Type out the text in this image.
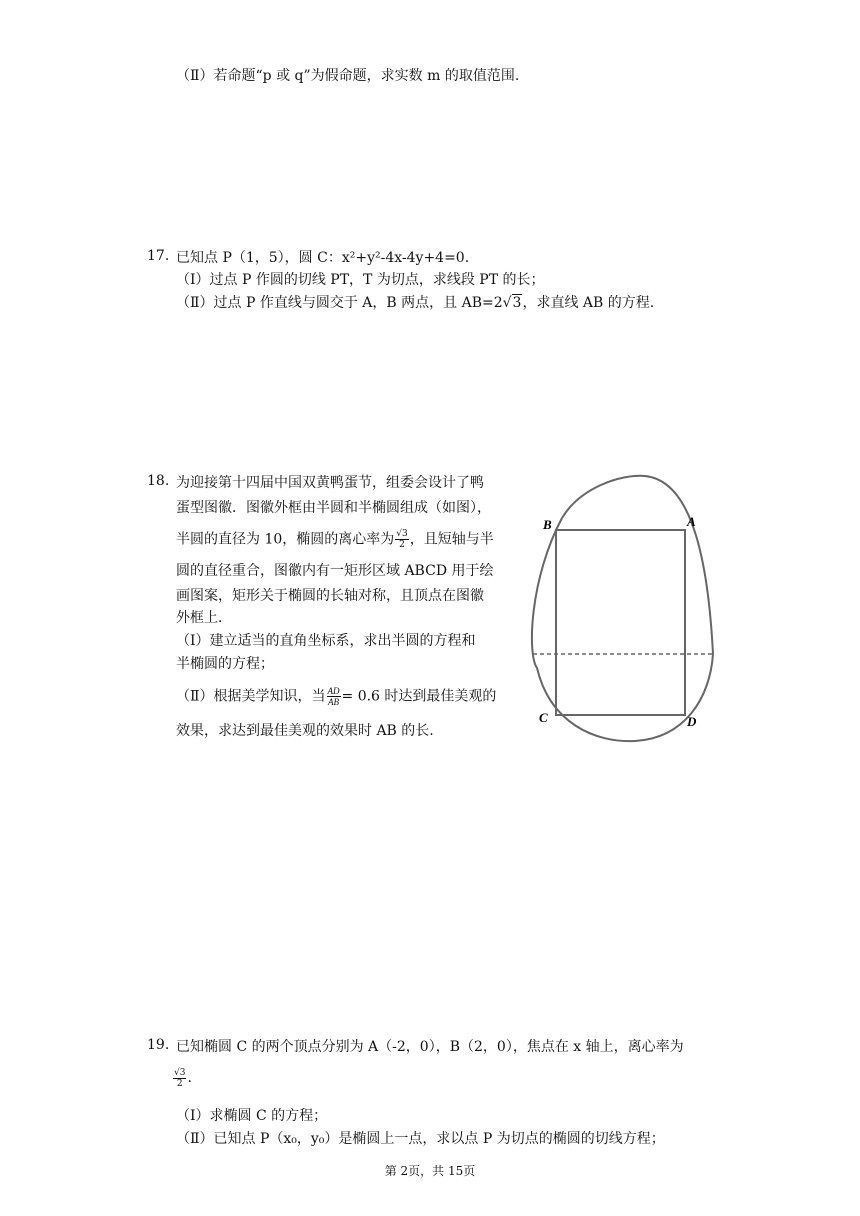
（Ⅱ）若命题“p 或 q”为假命题，求实数 m 的取值范围.
17. 已知点 P（1，5），圆 C：x²+y²-4x-4y+4=0.
（Ⅰ）过点 P 作圆的切线 PT，T 为切点，求线段 PT 的长；
（Ⅱ）过点 P 作直线与圆交于 A，B 两点，且 AB=2√3，求直线 AB 的方程.
18. 为迎接第十四届中国双黄鸭蛋节，组委会设计了鸭
蛋型图徽．图徽外框由半圆和半椭圆组成（如图），
半圆的直径为 10，椭圆的离心率为 $\frac{√3}{2}$ ，且短轴与半
圆的直径重合，图徽内有一矩形区域 ABCD 用于绘
画图案，矩形关于椭圆的长轴对称，且顶点在图徽
外框上．
（Ⅰ）建立适当的直角坐标系，求出半圆的方程和
半椭圆的方程；
（Ⅱ）根据美学知识，当 $\frac{AD}{AB} = 0.6$ 时达到最佳美观的
效果，求达到最佳美观的效果时 AB 的长.
B	A
C	D
19. 已知椭圆 C 的两个顶点分别为 A（-2，0），B（2，0），焦点在 x 轴上，离心率为
$\frac{√3}{2}$ .
（Ⅰ）求椭圆 C 的方程；
（Ⅱ）已知点 P（x₀，y₀）是椭圆上一点，求以点 P 为切点的椭圆的切线方程；
第 2页，共 15页
